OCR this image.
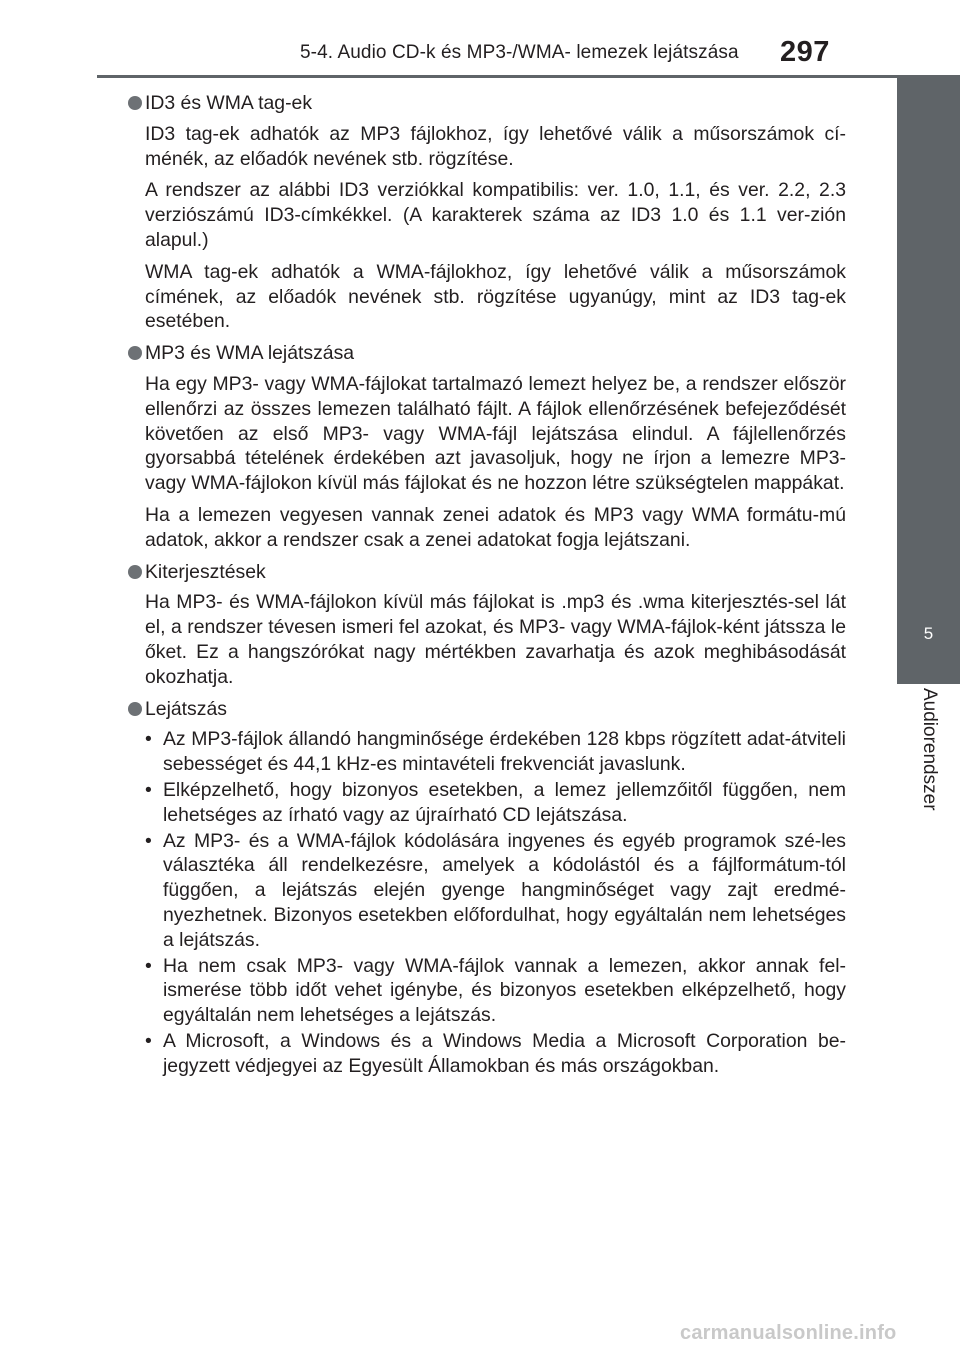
5-4. Audio CD-k és MP3-/WMA- lemezek lejátszása	297
5
Audiorendszer
ID3 és WMA tag-ek

ID3 tag-ek adhatók az MP3 fájlokhoz, így lehetővé válik a műsorszámok cí-ménék, az előadók nevének stb. rögzítése.

A rendszer az alábbi ID3 verziókkal kompatibilis: ver. 1.0, 1.1, és ver. 2.2, 2.3 verziószámú ID3-címkékkel. (A karakterek száma az ID3 1.0 és 1.1 ver-zión alapul.)

WMA tag-ek adhatók a WMA-fájlokhoz, így lehetővé válik a műsorszámok címének, az előadók nevének stb. rögzítése ugyanúgy, mint az ID3 tag-ek esetében.

MP3 és WMA lejátszása

Ha egy MP3- vagy WMA-fájlokat tartalmazó lemezt helyez be, a rendszer először ellenőrzi az összes lemezen található fájlt. A fájlok ellenőrzésének befejeződését követően az első MP3- vagy WMA-fájl lejátszása elindul. A fájlellenőrzés gyorsabbá tételének érdekében azt javasoljuk, hogy ne írjon a lemezre MP3- vagy WMA-fájlokon kívül más fájlokat és ne hozzon létre szükségtelen mappákat.

Ha a lemezen vegyesen vannak zenei adatok és MP3 vagy WMA formátu-mú adatok, akkor a rendszer csak a zenei adatokat fogja lejátszani.

Kiterjesztések

Ha MP3- és WMA-fájlokon kívül más fájlokat is .mp3 és .wma kiterjesztés-sel lát el, a rendszer tévesen ismeri fel azokat, és MP3- vagy WMA-fájlok-ként játssza le őket. Ez a hangszórókat nagy mértékben zavarhatja és azok meghibásodását okozhatja.

Lejátszás
• Az MP3-fájlok állandó hangminősége érdekében 128 kbps rögzített adat-átviteli sebességet és 44,1 kHz-es mintavételi frekvenciát javaslunk.
• Elképzelhető, hogy bizonyos esetekben, a lemez jellemzőitől függően, nem lehetséges az írható vagy az újraírható CD lejátszása.
• Az MP3- és a WMA-fájlok kódolására ingyenes és egyéb programok szé-les választéka áll rendelkezésre, amelyek a kódolástól és a fájlformátum-tól függően, a lejátszás elején gyenge hangminőséget vagy zajt eredmé-nyezhetnek. Bizonyos esetekben előfordulhat, hogy egyáltalán nem lehetséges a lejátszás.
• Ha nem csak MP3- vagy WMA-fájlok vannak a lemezen, akkor annak fel-ismerése több időt vehet igénybe, és bizonyos esetekben elképzelhető, hogy egyáltalán nem lehetséges a lejátszás.
• A Microsoft, a Windows és a Windows Media a Microsoft Corporation be-jegyzett védjegyei az Egyesült Államokban és más országokban.
carmanualsonline.info
